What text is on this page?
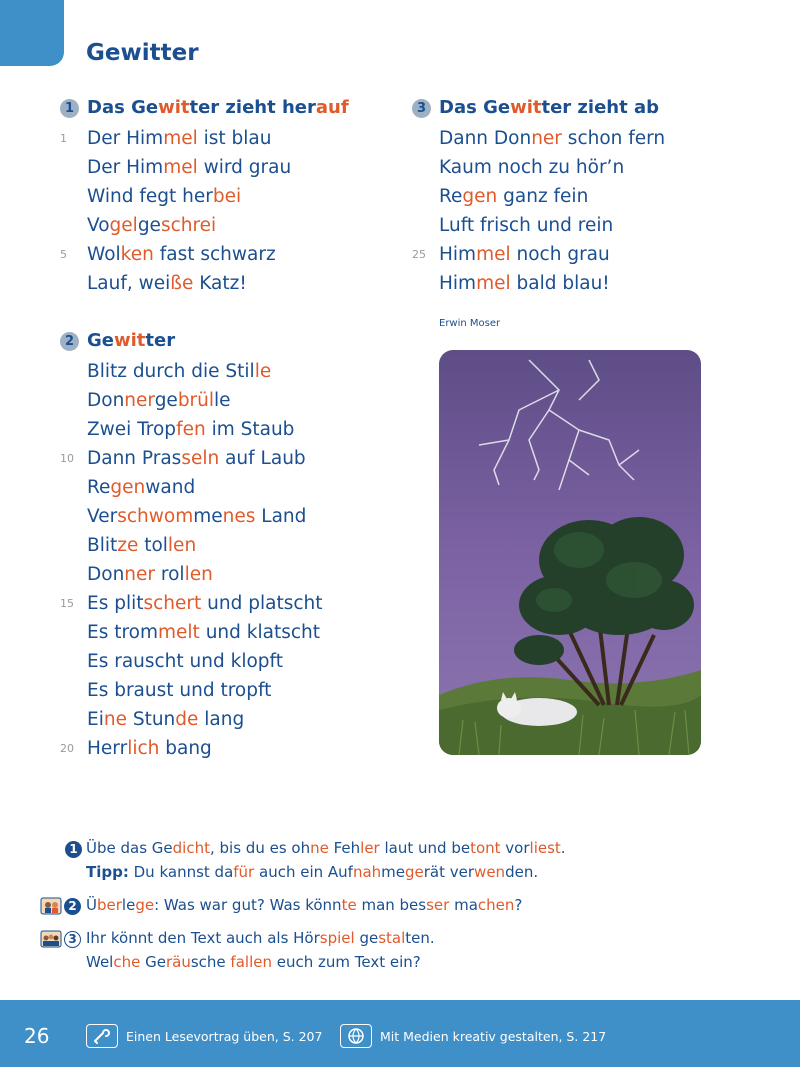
Gewitter
1 Das Gewitter zieht herauf
1	Der Himmel ist blau
Der Himmel wird grau
Wind fegt herbei
Vogelgeschrei
5	Wolken fast schwarz
Lauf, weiße Katz!
2 Gewitter
Blitz durch die Stille
Donnergebrülle
Zwei Tropfen im Staub
10 Dann Prasseln auf Laub
Regenwand
Verschwommenes Land
Blitze tollen
Donner rollen
15 Es plitschert und platscht
Es trommelt und klatscht
Es rauscht und klopft
Es braust und tropft
Eine Stunde lang
20 Herrlich bang
3 Das Gewitter zieht ab
Dann Donner schon fern
Kaum noch zu hör’n
Regen ganz fein
Luft frisch und rein
25 Himmel noch grau
Himmel bald blau!
Erwin Moser
1 Übe das Gedicht, bis du es ohne Fehler laut und betont vorliest.
Tipp: Du kannst dafür auch ein Aufnahmegerät verwenden.
2 Überlege: Was war gut? Was könnte man besser machen?
3 Ihr könnt den Text auch als Hörspiel gestalten.
Welche Geräusche fallen euch zum Text ein?
26	Einen Lesevortrag üben, S. 207	Mit Medien kreativ gestalten, S. 217
